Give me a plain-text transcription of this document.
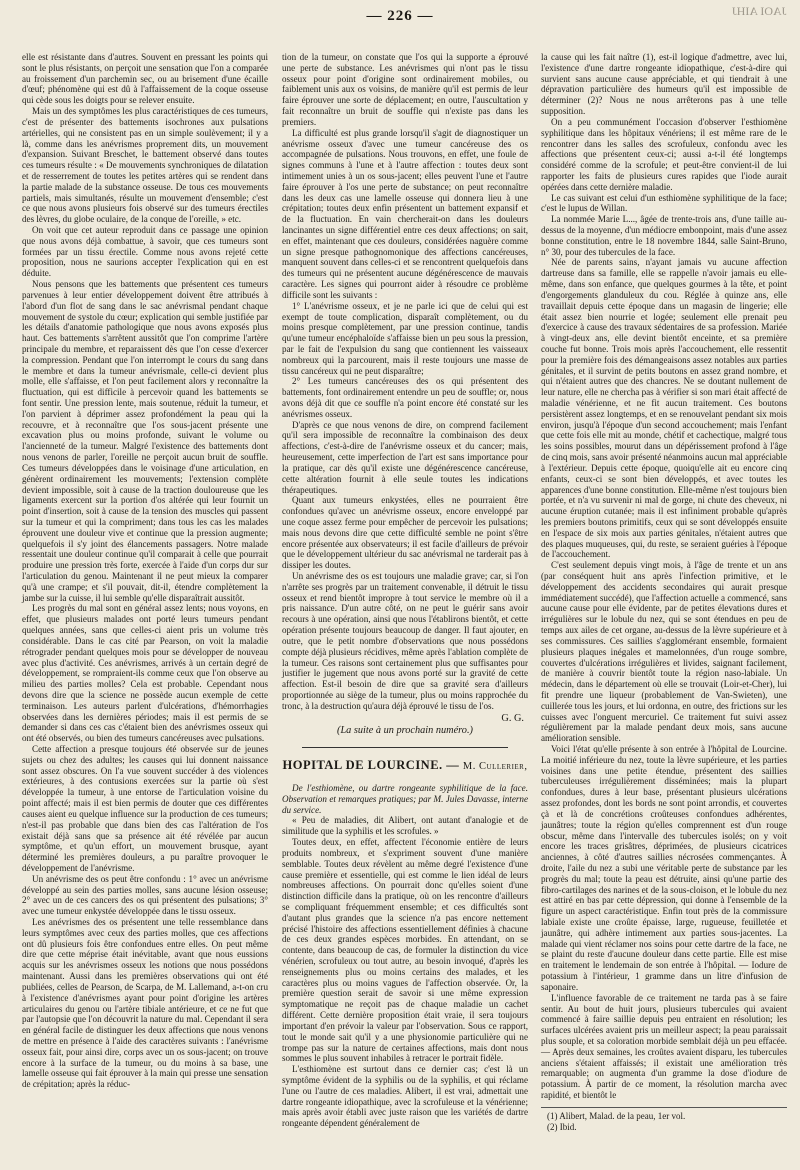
— 226 —	JAOI AIHJ

elle est résistante dans d'autres. Souvent en pressant les points qui sont le plus résistants, on perçoit une sensation que l'on a comparée au froissement d'un parchemin sec, ou au brisement d'une écaille d'œuf; phénomène qui est dû à l'affaissement de la coque osseuse qui cède sous les doigts pour se relever ensuite.

Mais un des symptômes les plus caractéristiques de ces tumeurs, c'est de présenter des battements isochrones aux pulsations artérielles, qui ne consistent pas en un simple soulèvement; il y a là, comme dans les anévrismes proprement dits, un mouvement d'expansion. Suivant Breschet, le battement observé dans toutes ces tumeurs résulte : « De mouvements synchroniques de dilatation et de resserrement de toutes les petites artères qui se rendent dans la partie malade de la substance osseuse. De tous ces mouvements partiels, mais simultanés, résulte un mouvement d'ensemble; c'est ce que nous avons plusieurs fois observé sur des tumeurs érectiles des lèvres, du globe oculaire, de la conque de l'oreille, » etc.

On voit que cet auteur reproduit dans ce passage une opinion que nous avons déjà combattue, à savoir, que ces tumeurs sont formées par un tissu érectile. Comme nous avons rejeté cette proposition, nous ne saurions accepter l'explication qui en est déduite.

Nous pensons que les battements que présentent ces tumeurs parvenues à leur entier développement doivent être attribués à l'abord d'un flot de sang dans le sac anévrismal pendant chaque mouvement de systole du cœur; explication qui semble justifiée par les détails d'anatomie pathologique que nous avons exposés plus haut. Ces battements s'arrêtent aussitôt que l'on comprime l'artère principale du membre, et reparaissent dès que l'on cesse d'exercer la compression. Pendant que l'on interrompt le cours du sang dans le membre et dans la tumeur anévrismale, celle-ci devient plus molle, elle s'affaisse, et l'on peut facilement alors y reconnaître la fluctuation, qui est difficile à percevoir quand les battements se font sentir. Une pression lente, mais soutenue, réduit la tumeur, et l'on parvient à déprimer assez profondément la peau qui la recouvre, et à reconnaître que l'os sous-jacent présente une excavation plus ou moins profonde, suivant le volume ou l'ancienneté de la tumeur. Malgré l'existence des battements dont nous venons de parler, l'oreille ne perçoit aucun bruit de souffle. Ces tumeurs développées dans le voisinage d'une articulation, en génèrent ordinairement les mouvements; l'extension complète devient impossible, soit à cause de la traction douloureuse que les ligaments exercent sur la portion d'os altérée qui leur fournit un point d'insertion, soit à cause de la tension des muscles qui passent sur la tumeur et qui la compriment; dans tous les cas les malades éprouvent une douleur vive et continue que la pression augmente; quelquefois il s'y joint des élancements passagers. Notre malade ressentait une douleur continue qu'il comparait à celle que pourrait produire une pression très forte, exercée à l'aide d'un corps dur sur l'articulation du genou. Maintenant il ne peut mieux la comparer qu'à une crampe; et s'il pouvait, dit-il, étendre complètement la jambe sur la cuisse, il lui semble qu'elle disparaîtrait aussitôt.

Les progrès du mal sont en général assez lents; nous voyons, en effet, que plusieurs malades ont porté leurs tumeurs pendant quelques années, sans que celles-ci aient pris un volume très considérable. Dans le cas cité par Pearson, on voit la maladie rétrograder pendant quelques mois pour se développer de nouveau avec plus d'activité. Ces anévrismes, arrivés à un certain degré de développement, se rompraient-ils comme ceux que l'on observe au milieu des parties molles? Cela est probable. Cependant nous devons dire que la science ne possède aucun exemple de cette terminaison. Les auteurs parlent d'ulcérations, d'hémorrhagies observées dans les dernières périodes; mais il est permis de se demander si dans ces cas c'étaient bien des anévrismes osseux qui ont été observés, ou bien des tumeurs cancéreuses avec pulsations.

Cette affection a presque toujours été observée sur de jeunes sujets ou chez des adultes; les causes qui lui donnent naissance sont assez obscures. On l'a vue souvent succéder à des violences extérieures, à des contusions exercées sur la partie où s'est développée la tumeur, à une entorse de l'articulation voisine du point affecté; mais il est bien permis de douter que ces différentes causes aient eu quelque influence sur la production de ces tumeurs; n'est-il pas probable que dans bien des cas l'altération de l'os existait déjà sans que sa présence ait été révélée par aucun symptôme, et qu'un effort, un mouvement brusque, ayant déterminé les premières douleurs, a pu paraître provoquer le développement de l'anévrisme.

Un anévrisme des os peut être confondu : 1° avec un anévrisme développé au sein des parties molles, sans aucune lésion osseuse; 2° avec un de ces cancers des os qui présentent des pulsations; 3° avec une tumeur enkystée développée dans le tissu osseux.

Les anévrismes des os présentent une telle ressemblance dans leurs symptômes avec ceux des parties molles, que ces affections ont dû plusieurs fois être confondues entre elles. On peut même dire que cette méprise était inévitable, avant que nous eussions acquis sur les anévrismes osseux les notions que nous possédons maintenant. Aussi dans les premières observations qui ont été publiées, celles de Pearson, de Scarpa, de M. Lallemand, a-t-on cru à l'existence d'anévrismes ayant pour point d'origine les artères articulaires du genou ou l'artère tibiale antérieure, et ce ne fut que par l'autopsie que l'on découvrit la nature du mal. Cependant il sera en général facile de distinguer les deux affections que nous venons de mettre en présence à l'aide des caractères suivants : l'anévrisme osseux fait, pour ainsi dire, corps avec un os sous-jacent; on trouve encore à la surface de la tumeur, ou du moins à sa base, une lamelle osseuse qui fait éprouver à la main qui presse une sensation de crépitation; après la réduc-

tion de la tumeur, on constate que l'os qui la supporte a éprouvé une perte de substance. Les anévrismes qui n'ont pas le tissu osseux pour point d'origine sont ordinairement mobiles, ou faiblement unis aux os voisins, de manière qu'il est permis de leur faire éprouver une sorte de déplacement; en outre, l'auscultation y fait reconnaître un bruit de souffle qui n'existe pas dans les premiers.

La difficulté est plus grande lorsqu'il s'agit de diagnostiquer un anévrisme osseux d'avec une tumeur cancéreuse des os accompagnée de pulsations. Nous trouvons, en effet, une foule de signes communs à l'une et à l'autre affection : toutes deux sont intimement unies à un os sous-jacent; elles peuvent l'une et l'autre faire éprouver à l'os une perte de substance; on peut reconnaître dans les deux cas une lamelle osseuse qui donnera lieu à une crépitation; toutes deux enfin présentent un battement expansif et de la fluctuation. En vain chercherait-on dans les douleurs lancinantes un signe différentiel entre ces deux affections; on sait, en effet, maintenant que ces douleurs, considérées naguère comme un signe presque pathognomonique des affections cancéreuses, manquent souvent dans celles-ci et se rencontrent quelquefois dans des tumeurs qui ne présentent aucune dégénérescence de mauvais caractère. Les signes qui pourront aider à résoudre ce problème difficile sont les suivants :

1° L'anévrisme osseux, et je ne parle ici que de celui qui est exempt de toute complication, disparaît complètement, ou du moins presque complètement, par une pression continue, tandis qu'une tumeur encéphaloïde s'affaisse bien un peu sous la pression, par le fait de l'expulsion du sang que contiennent les vaisseaux nombreux qui la parcourent, mais il reste toujours une masse de tissu cancéreux qui ne peut disparaître;

2° Les tumeurs cancéreuses des os qui présentent des battements, font ordinairement entendre un peu de souffle; or, nous avons déjà dit que ce souffle n'a point encore été constaté sur les anévrismes osseux.

D'après ce que nous venons de dire, on comprend facilement qu'il sera impossible de reconnaître la combinaison des deux affections, c'est-à-dire de l'anévrisme osseux et du cancer; mais, heureusement, cette imperfection de l'art est sans importance pour la pratique, car dès qu'il existe une dégénérescence cancéreuse, cette altération fournit à elle seule toutes les indications thérapeutiques.

Quant aux tumeurs enkystées, elles ne pourraient être confondues qu'avec un anévrisme osseux, encore enveloppé par une coque assez ferme pour empêcher de percevoir les pulsations; mais nous devons dire que cette difficulté semble ne point s'être encore présentée aux observateurs; il est facile d'ailleurs de prévoir que le développement ultérieur du sac anévrismal ne tarderait pas à dissiper les doutes.

Un anévrisme des os est toujours une maladie grave; car, si l'on n'arrête ses progrès par un traitement convenable, il détruit le tissu osseux et rend bientôt impropre à tout service le membre où il a pris naissance. D'un autre côté, on ne peut le guérir sans avoir recours à une opération, ainsi que nous l'établirons bientôt, et cette opération présente toujours beaucoup de danger. Il faut ajouter, en outre, que le petit nombre d'observations que nous possédons compte déjà plusieurs récidives, même après l'ablation complète de la tumeur. Ces raisons sont certainement plus que suffisantes pour justifier le jugement que nous avons porté sur la gravité de cette affection. Est-il besoin de dire que sa gravité sera d'ailleurs proportionnée au siège de la tumeur, plus ou moins rapprochée du tronc, à la destruction qu'aura déjà éprouvé le tissu de l'os.

G. G.
(La suite à un prochain numéro.)
HOPITAL DE LOURCINE. — M. Cullerier,

De l'esthiomène, ou dartre rongeante syphilitique de la face. Observation et remarques pratiques; par M. Jules Davasse, interne du service.

« Peu de maladies, dit Alibert, ont autant d'analogie et de similitude que la syphilis et les scrofules. »

Toutes deux, en effet, affectent l'économie entière de leurs produits nombreux, et s'expriment souvent d'une manière semblable. Toutes deux révèlent au même degré l'existence d'une cause première et essentielle, qui est comme le lien idéal de leurs nombreuses affections. On pourrait donc qu'elles soient d'une distinction difficile dans la pratique, où on les rencontre d'ailleurs se compliquant fréquemment ensemble; et ces difficultés sont d'autant plus grandes que la science n'a pas encore nettement précisé l'histoire des affections essentiellement définies à chacune de ces deux grandes espèces morbides. En attendant, on se contente, dans beaucoup de cas, de formuler la distinction du vice vénérien, scrofuleux ou tout autre, au besoin invoqué, d'après les renseignements plus ou moins certains des malades, et les caractères plus ou moins vagues de l'affection observée. Or, la première question serait de savoir si une même expression symptomatique ne reçoit pas de chaque maladie un cachet différent. Cette dernière proposition était vraie, il sera toujours important d'en prévoir la valeur par l'observation. Sous ce rapport, tout le monde sait qu'il y a une physionomie particulière qui ne trompe pas sur la nature de certaines affections, mais dont nous sommes le plus souvent inhabiles à retracer le portrait fidèle.

L'esthiomène est surtout dans ce dernier cas; c'est là un symptôme évident de la syphilis ou de la syphilis, et qui réclame l'une ou l'autre de ces maladies. Alibert, il est vrai, admettait une dartre rongeante idiopathique, avec la scrofuleuse et la vénérienne; mais après avoir établi avec juste raison que les variétés de dartre rongeante dépendent généralement de

la cause qui les fait naître (1), est-il logique d'admettre, avec lui, l'existence d'une dartre rongeante idiopathique, c'est-à-dire qui survient sans aucune cause appréciable, et qui tiendrait à une dépravation particulière des humeurs qu'il est impossible de déterminer (2)? Nous ne nous arrêterons pas à une telle supposition.

On a peu communément l'occasion d'observer l'esthiomène syphilitique dans les hôpitaux vénériens; il est même rare de le rencontrer dans les salles des scrofuleux, confondu avec les affections que présentent ceux-ci; aussi a-t-il été longtemps considéré comme de la scrofule; et peut-être convient-il de lui rapporter les faits de plusieurs cures rapides que l'iode aurait opérées dans cette dernière maladie.

Le cas suivant est celui d'un esthiomène syphilitique de la face; c'est le lupus de Willan.

La nommée Marie L..., âgée de trente-trois ans, d'une taille au-dessus de la moyenne, d'un médiocre embonpoint, mais d'une assez bonne constitution, entre le 18 novembre 1844, salle Saint-Bruno, n° 30, pour des tubercules de la face.

Née de parents sains, n'ayant jamais vu aucune affection dartreuse dans sa famille, elle se rappelle n'avoir jamais eu elle-même, dans son enfance, que quelques gourmes à la tête, et point d'engorgements glanduleux du cou. Réglée à quinze ans, elle travaillait depuis cette époque dans un magasin de lingerie; elle était assez bien nourrie et logée; seulement elle prenait peu d'exercice à cause des travaux sédentaires de sa profession. Mariée à vingt-deux ans, elle devint bientôt enceinte, et sa première couche fut bonne. Trois mois après l'accouchement, elle ressentit pour la première fois des démangeaisons assez notables aux parties génitales, et il survint de petits boutons en assez grand nombre, et qui n'étaient autres que des chancres. Ne se doutant nullement de leur nature, elle ne chercha pas à vérifier si son mari était affecté de maladie vénérienne, et ne fit aucun traitement. Ces boutons persistèrent assez longtemps, et en se renouvelant pendant six mois environ, jusqu'à l'époque d'un second accouchement; mais l'enfant que cette fois elle mit au monde, chétif et cachectique, malgré tous les soins possibles, mourut dans un dépérissement profond à l'âge de cinq mois, sans avoir présenté néanmoins aucun mal appréciable à l'extérieur. Depuis cette époque, quoiqu'elle ait eu encore cinq enfants, ceux-ci se sont bien développés, et avec toutes les apparences d'une bonne constitution. Elle-même n'est toujours bien portée, et n'a vu survenir ni mal de gorge, ni chute des cheveux, ni aucune éruption cutanée; mais il est infiniment probable qu'après les premiers boutons primitifs, ceux qui se sont développés ensuite en l'espace de six mois aux parties génitales, n'étaient autres que des plaques muqueuses, qui, du reste, se seraient guéries à l'époque de l'accouchement.

C'est seulement depuis vingt mois, à l'âge de trente et un ans (par conséquent huit ans après l'infection primitive, et le développement des accidents secondaires qui aurait presque immédiatement succédé), que l'affection actuelle a commencé, sans aucune cause pour elle évidente, par de petites élevations dures et irrégulières sur le lobule du nez, qui se sont étendues en peu de temps aux ailes de cet organe, au-dessus de la lèvre supérieure et à ses commissures. Ces saillies s'agglomérant ensemble, formaient plusieurs plaques inégales et mamelonnées, d'un rouge sombre, couvertes d'ulcérations irrégulières et livides, saignant facilement, de manière à couvrir bientôt toute la région naso-labiale. Un médecin, dans le département où elle se trouvait (Loir-et-Cher), lui fit prendre une liqueur (probablement de Van-Swieten), une cuillerée tous les jours, et lui ordonna, en outre, des frictions sur les cuisses avec l'onguent mercuriel. Ce traitement fut suivi assez régulièrement par la malade pendant deux mois, sans aucune amélioration sensible.

Voici l'état qu'elle présente à son entrée à l'hôpital de Lourcine. La moitié inférieure du nez, toute la lèvre supérieure, et les parties voisines dans une petite étendue, présentent des saillies tuberculeuses irrégulièrement disséminées; mais la plupart confondues, dures à leur base, présentant plusieurs ulcérations assez profondes, dont les bords ne sont point arrondis, et couvertes çà et là de concrétions croûteuses confondues adhérentes, jaunâtres; toute la région qu'elles comprennent est d'un rouge obscur, même dans l'intervalle des tubercules isolés; on y voit encore les traces grisâtres, déprimées, de plusieurs cicatrices anciennes, à côté d'autres saillies nécrosées commençantes. À droite, l'aile du nez a subi une véritable perte de substance par les progrès du mal; toute la peau est détruite, ainsi qu'une partie des fibro-cartilages des narines et de la sous-cloison, et le lobule du nez est attiré en bas par cette dépression, qui donne à l'ensemble de la figure un aspect caractéristique. Enfin tout près de la commissure labiale existe une croûte épaisse, large, rugueuse, feuilletée et jaunâtre, qui adhère intimement aux parties sous-jacentes. La malade qui vient réclamer nos soins pour cette dartre de la face, ne se plaint du reste d'aucune douleur dans cette partie. Elle est mise en traitement le lendemain de son entrée à l'hôpital. — Iodure de potassium à l'intérieur, 1 gramme dans un litre d'infusion de saponaire.

L'influence favorable de ce traitement ne tarda pas à se faire sentir. Au bout de huit jours, plusieurs tubercules qui avaient commencé à faire saillie depuis peu entraient en résolution; les surfaces ulcérées avaient pris un meilleur aspect; la peau paraissait plus souple, et sa coloration morbide semblait déjà un peu effacée. — Après deux semaines, les croûtes avaient disparu, les tubercules anciens s'étaient affaissés; il existait une amélioration très remarquable; on augmenta d'un gramme la dose d'iodure de potassium. À partir de ce moment, la résolution marcha avec rapidité, et bientôt le

(1) Alibert, Malad. de la peau, 1er vol.
(2) Ibid.
